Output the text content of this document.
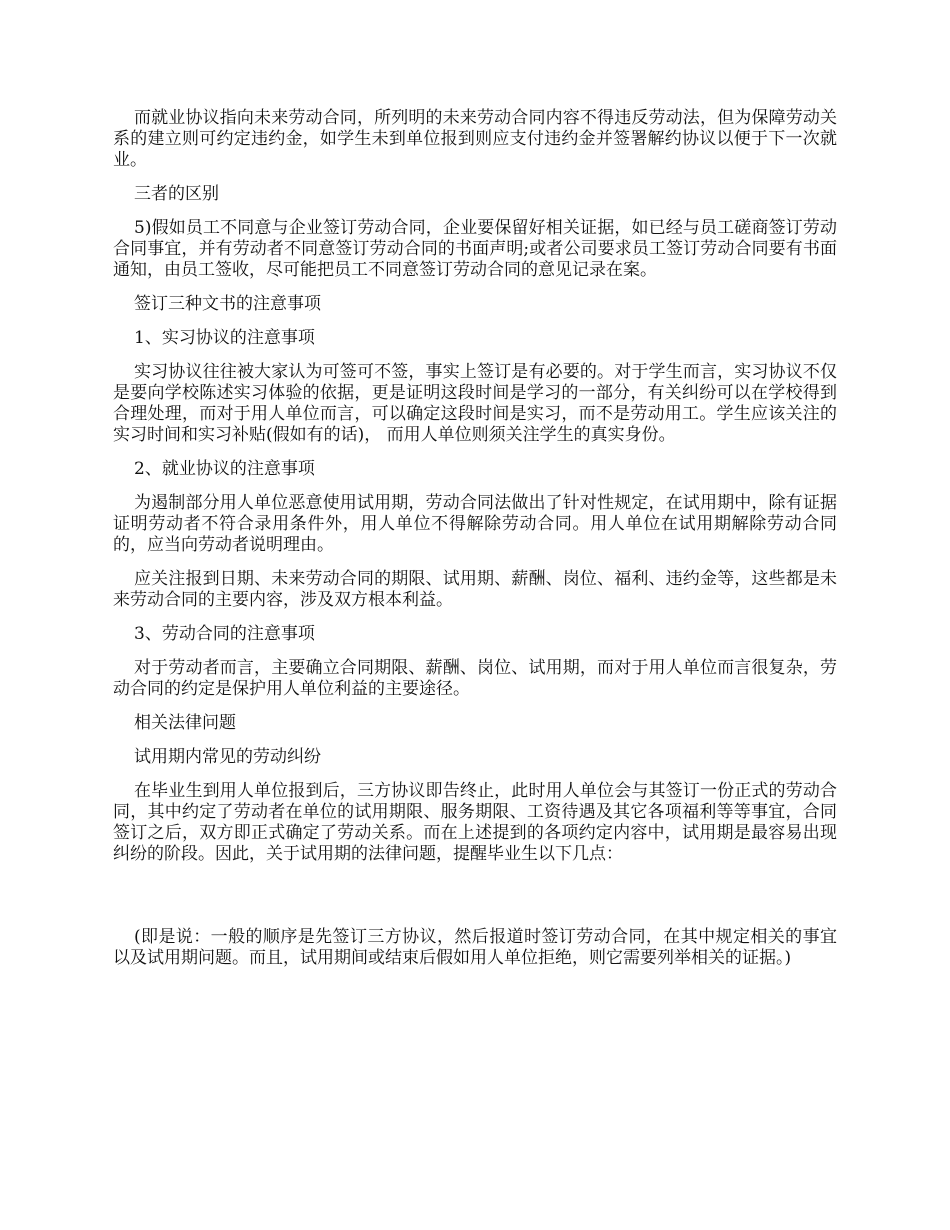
而就业协议指向未来劳动合同，所列明的未来劳动合同内容不得违反劳动法，但为保障劳动关系的建立则可约定违约金，如学生未到单位报到则应支付违约金并签署解约协议以便于下一次就业。

三者的区别

5)假如员工不同意与企业签订劳动合同，企业要保留好相关证据，如已经与员工磋商签订劳动合同事宜，并有劳动者不同意签订劳动合同的书面声明;或者公司要求员工签订劳动合同要有书面通知，由员工签收，尽可能把员工不同意签订劳动合同的意见记录在案。

签订三种文书的注意事项

1、实习协议的注意事项

实习协议往往被大家认为可签可不签，事实上签订是有必要的。对于学生而言，实习协议不仅是要向学校陈述实习体验的依据，更是证明这段时间是学习的一部分，有关纠纷可以在学校得到合理处理，而对于用人单位而言，可以确定这段时间是实习，而不是劳动用工。学生应该关注的实习时间和实习补贴(假如有的话)， 而用人单位则须关注学生的真实身份。

2、就业协议的注意事项

为遏制部分用人单位恶意使用试用期，劳动合同法做出了针对性规定，在试用期中，除有证据证明劳动者不符合录用条件外，用人单位不得解除劳动合同。用人单位在试用期解除劳动合同的，应当向劳动者说明理由。

应关注报到日期、未来劳动合同的期限、试用期、薪酬、岗位、福利、违约金等，这些都是未来劳动合同的主要内容，涉及双方根本利益。

3、劳动合同的注意事项

对于劳动者而言，主要确立合同期限、薪酬、岗位、试用期，而对于用人单位而言很复杂，劳动合同的约定是保护用人单位利益的主要途径。

相关法律问题

试用期内常见的劳动纠纷

在毕业生到用人单位报到后，三方协议即告终止，此时用人单位会与其签订一份正式的劳动合同，其中约定了劳动者在单位的试用期限、服务期限、工资待遇及其它各项福利等等事宜，合同签订之后，双方即正式确定了劳动关系。而在上述提到的各项约定内容中，试用期是最容易出现纠纷的阶段。因此，关于试用期的法律问题，提醒毕业生以下几点：

(即是说：一般的顺序是先签订三方协议，然后报道时签订劳动合同，在其中规定相关的事宜以及试用期问题。而且，试用期间或结束后假如用人单位拒绝，则它需要列举相关的证据。)
